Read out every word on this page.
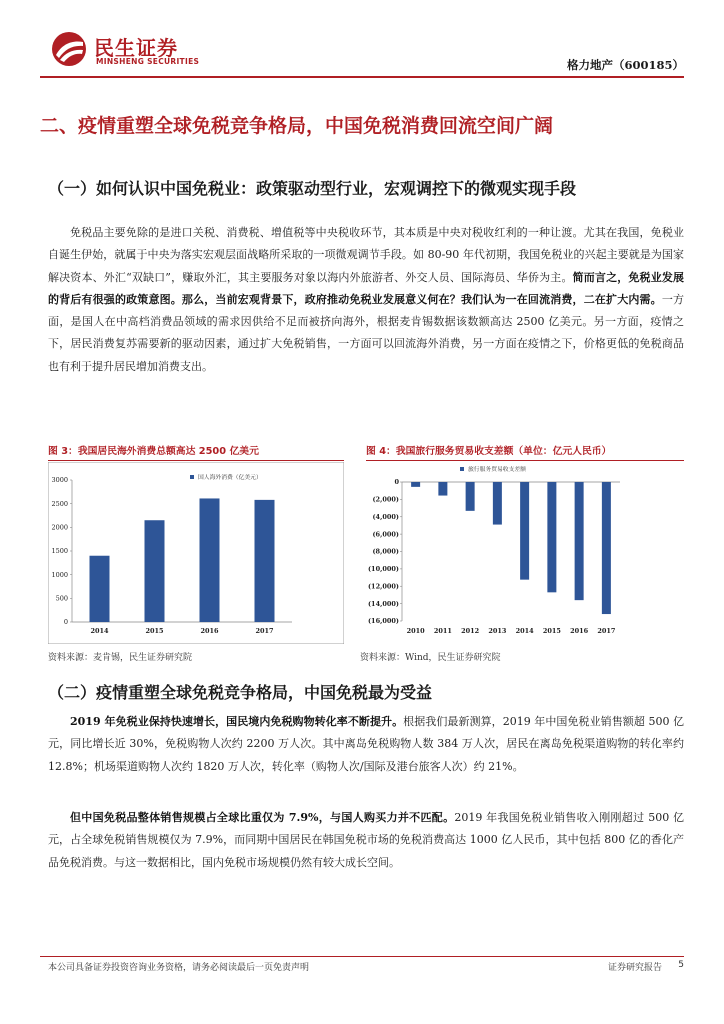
民生证券
MINSHENG SECURITIES	格力地产（600185）
二、疫情重塑全球免税竞争格局，中国免税消费回流空间广阔
（一）如何认识中国免税业：政策驱动型行业，宏观调控下的微观实现手段
免税品主要免除的是进口关税、消费税、增值税等中央税收环节，其本质是中央对税收红利的一种让渡。尤其在我国，免税业自诞生伊始，就属于中央为落实宏观层面战略所采取的一项微观调节手段。如 80-90 年代初期，我国免税业的兴起主要就是为国家解决资本、外汇“双缺口”，赚取外汇，其主要服务对象以海内外旅游者、外交人员、国际海员、华侨为主。简而言之，免税业发展的背后有很强的政策意图。那么，当前宏观背景下，政府推动免税业发展意义何在？我们认为一在回流消费，二在扩大内需。一方面，是国人在中高档消费品领域的需求因供给不足而被挤向海外，根据麦肯锡数据该数额高达 2500 亿美元。另一方面，疫情之下，居民消费复苏需要新的驱动因素，通过扩大免税销售，一方面可以回流海外消费，另一方面在疫情之下，价格更低的免税商品也有利于提升居民增加消费支出。
图 3：我国居民海外消费总额高达 2500 亿美元
3000
2500
2000
1500
1000
500
0
2014	2015	2016	2017
国人海外消费（亿美元）
资料来源：麦肯锡，民生证券研究院
图 4：我国旅行服务贸易收支差额（单位：亿元人民币）
0
(2,000)
(4,000)
(6,000)
(8,000)
(10,000)
(12,000)
(14,000)
(16,000)
2010 2011 2012 2013 2014 2015 2016 2017
旅行服务贸易收支差额
资料来源：Wind，民生证券研究院
（二）疫情重塑全球免税竞争格局，中国免税最为受益
2019 年免税业保持快速增长，国民境内免税购物转化率不断提升。根据我们最新测算，2019 年中国免税业销售额超 500 亿元，同比增长近 30%，免税购物人次约 2200 万人次。其中离岛免税购物人数 384 万人次，居民在离岛免税渠道购物的转化率约 12.8%；机场渠道购物人次约 1820 万人次，转化率（购物人次/国际及港台旅客人次）约 21%。
但中国免税品整体销售规模占全球比重仅为 7.9%，与国人购买力并不匹配。2019 年我国免税业销售收入刚刚超过 500 亿元，占全球免税销售规模仅为 7.9%，而同期中国居民在韩国免税市场的免税消费高达 1000 亿人民币，其中包括 800 亿的香化产品免税消费。与这一数据相比，国内免税市场规模仍然有较大成长空间。
本公司具备证券投资咨询业务资格，请务必阅读最后一页免责声明	证券研究报告 5
